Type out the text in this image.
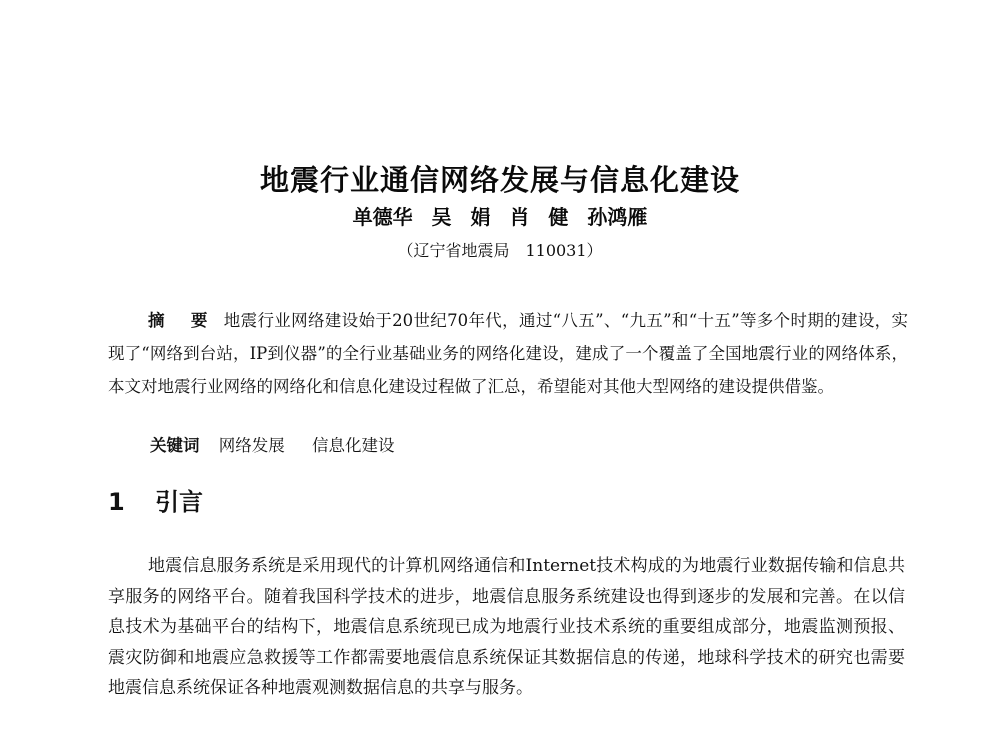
地震行业通信网络发展与信息化建设
单德华 吴 娟 肖 健 孙鸿雁
（辽宁省地震局　110031）

摘 要 地震行业网络建设始于20世纪70年代，通过“八五”、“九五”和“十五”等多个时期的建设，实现了“网络到台站，IP到仪器”的全行业基础业务的网络化建设，建成了一个覆盖了全国地震行业的网络体系，本文对地震行业网络的网络化和信息化建设过程做了汇总，希望能对其他大型网络的建设提供借鉴。

关键词 网络发展 信息化建设

1 引言

地震信息服务系统是采用现代的计算机网络通信和Internet技术构成的为地震行业数据传输和信息共享服务的网络平台。随着我国科学技术的进步，地震信息服务系统建设也得到逐步的发展和完善。在以信息技术为基础平台的结构下，地震信息系统现已成为地震行业技术系统的重要组成部分，地震监测预报、震灾防御和地震应急救援等工作都需要地震信息系统保证其数据信息的传递，地球科学技术的研究也需要地震信息系统保证各种地震观测数据信息的共享与服务。
